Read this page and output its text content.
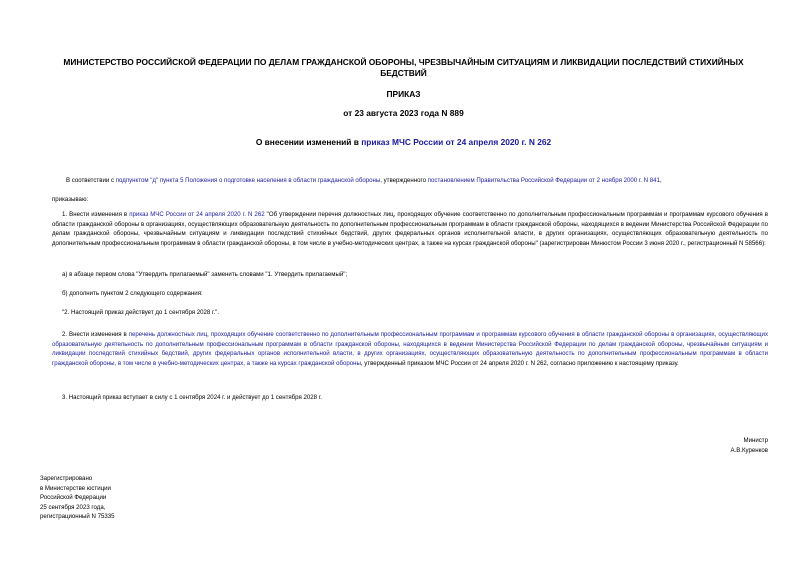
МИНИСТЕРСТВО РОССИЙСКОЙ ФЕДЕРАЦИИ ПО ДЕЛАМ ГРАЖДАНСКОЙ ОБОРОНЫ, ЧРЕЗВЫЧАЙНЫМ СИТУАЦИЯМ И ЛИКВИДАЦИИ ПОСЛЕДСТВИЙ СТИХИЙНЫХ БЕДСТВИЙ
ПРИКАЗ
от 23 августа 2023 года N 889
О внесении изменений в приказ МЧС России от 24 апреля 2020 г. N 262
В соответствии с подпунктом "д" пункта 5 Положения о подготовке населения в области гражданской обороны, утвержденного постановлением Правительства Российской Федерации от 2 ноября 2000 г. N 841,
приказываю:
1. Внести изменения в приказ МЧС России от 24 апреля 2020 г. N 262 "Об утверждении перечня должностных лиц, проходящих обучение соответственно по дополнительным профессиональным программам и программам курсового обучения в области гражданской обороны в организациях, осуществляющих образовательную деятельность по дополнительным профессиональным программам в области гражданской обороны, находящихся в ведении Министерства Российской Федерации по делам гражданской обороны, чрезвычайным ситуациям и ликвидации последствий стихийных бедствий, других федеральных органов исполнительной власти, в других организациях, осуществляющих образовательную деятельность по дополнительным профессиональным программам в области гражданской обороны, в том числе в учебно-методических центрах, а также на курсах гражданской обороны" (зарегистрирован Минюстом России 3 июня 2020 г., регистрационный N 58566):
а) в абзаце первом слова "Утвердить прилагаемый" заменить словами "1. Утвердить прилагаемый";
б) дополнить пунктом 2 следующего содержания:
"2. Настоящий приказ действует до 1 сентября 2028 г.".
2. Внести изменения в перечень должностных лиц, проходящих обучение соответственно по дополнительным профессиональным программам и программам курсового обучения в области гражданской обороны в организациях, осуществляющих образовательную деятельность по дополнительным профессиональным программам в области гражданской обороны, находящихся в ведении Министерства Российской Федерации по делам гражданской обороны, чрезвычайным ситуациям и ликвидации последствий стихийных бедствий, других федеральных органов исполнительной власти, в других организациях, осуществляющих образовательную деятельность по дополнительным профессиональным программам в области гражданской обороны, в том числе в учебно-методических центрах, а также на курсах гражданской обороны, утвержденный приказом МЧС России от 24 апреля 2020 г. N 262, согласно приложению к настоящему приказу.
3. Настоящий приказ вступает в силу с 1 сентября 2024 г. и действует до 1 сентября 2028 г.
Министр
А.В.Куренков
Зарегистрировано
в Министерстве юстиции
Российской Федерации
25 сентября 2023 года,
регистрационный N 75335
